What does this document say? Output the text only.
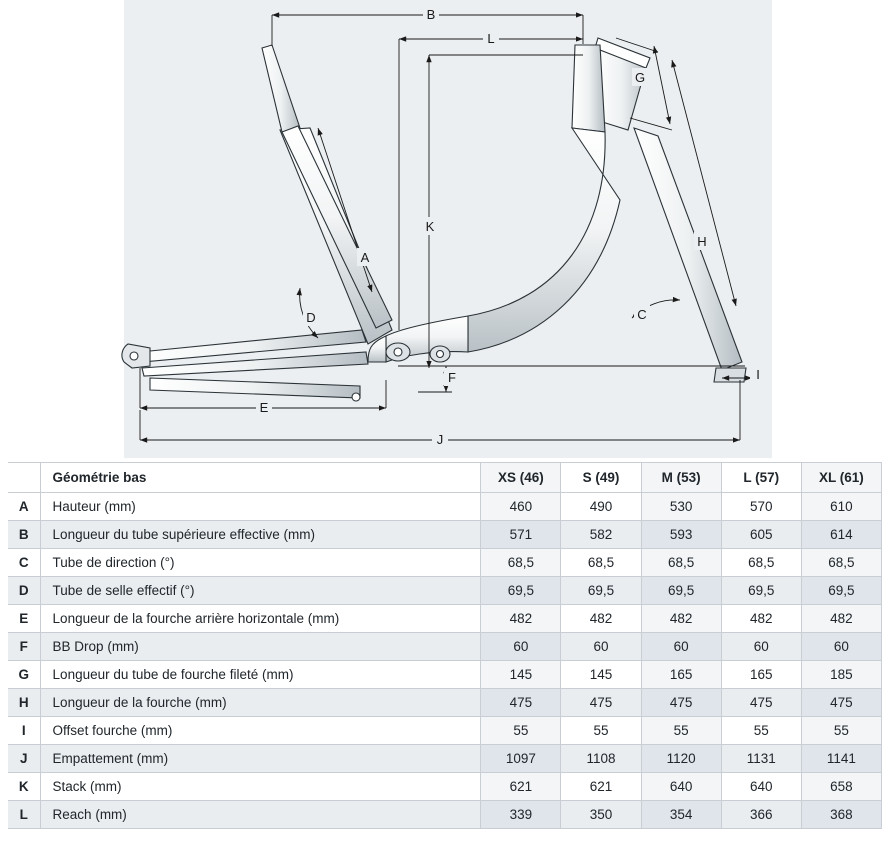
B
L
K
A
G
H
C
D
E
F	I
J
	Géométrie bas	XS (46)	S (49)	M (53)	L (57)	XL (61)
A	Hauteur (mm)	460	490	530	570	610
B	Longueur du tube supérieure effective (mm)	571	582	593	605	614
C	Tube de direction (°)	68,5	68,5	68,5	68,5	68,5
D	Tube de selle effectif (°)	69,5	69,5	69,5	69,5	69,5
E	Longueur de la fourche arrière horizontale (mm)	482	482	482	482	482
F	BB Drop (mm)	60	60	60	60	60
G	Longueur du tube de fourche fileté (mm)	145	145	165	165	185
H	Longueur de la fourche (mm)	475	475	475	475	475
I	Offset fourche (mm)	55	55	55	55	55
J	Empattement (mm)	1097	1108	1120	1131	1141
K	Stack (mm)	621	621	640	640	658
L	Reach (mm)	339	350	354	366	368
